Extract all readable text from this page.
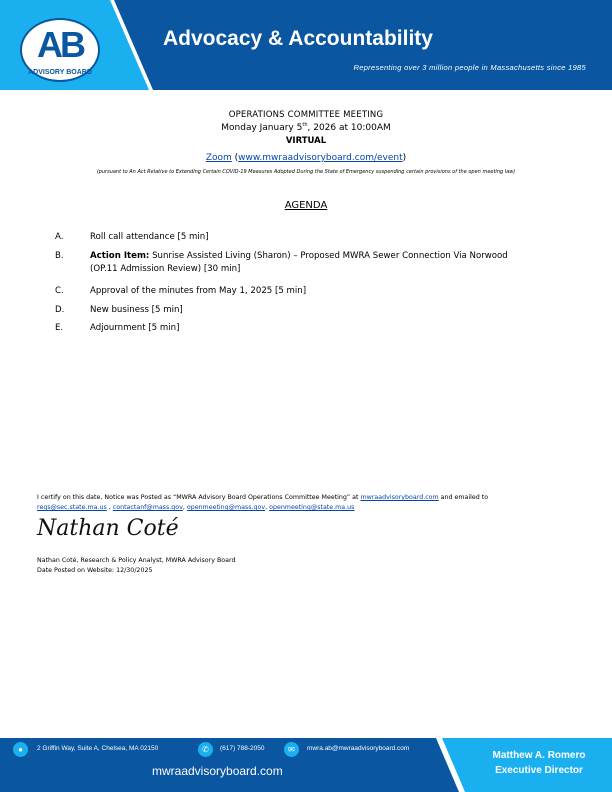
AB
ADVISORY BOARD
Advocacy & Accountability
Representing over 3 million people in Massachusetts since 1985
OPERATIONS COMMITTEE MEETING
Monday January 5th, 2026 at 10:00AM
VIRTUAL
Zoom (www.mwraadvisoryboard.com/event)
(pursuant to An Act Relative to Extending Certain COVID-19 Measures Adopted During the State of Emergency suspending certain provisions of the open meeting law)
AGENDA
A.	Roll call attendance [5 min]
B.	Action Item: Sunrise Assisted Living (Sharon) – Proposed MWRA Sewer Connection Via Norwood (OP.11 Admission Review) [30 min]
C.	Approval of the minutes from May 1, 2025 [5 min]
D.	New business [5 min]
E.	Adjournment [5 min]
I certify on this date, Notice was Posted as “MWRA Advisory Board Operations Committee Meeting” at mwraadvisoryboard.com and emailed to
regs@sec.state.ma.us , contactanf@mass.gov, openmeeting@mass.gov, openmeeting@state.ma.us
Nathan Coté
Nathan Coté, Research & Policy Analyst, MWRA Advisory Board
Date Posted on Website: 12/30/2025
●	2 Griffin Way, Suite A, Chelsea, MA 02150	✆	(617) 788-2050	✉	mwra.ab@mwraadvisoryboard.com
mwraadvisoryboard.com
Matthew A. Romero
Executive Director
